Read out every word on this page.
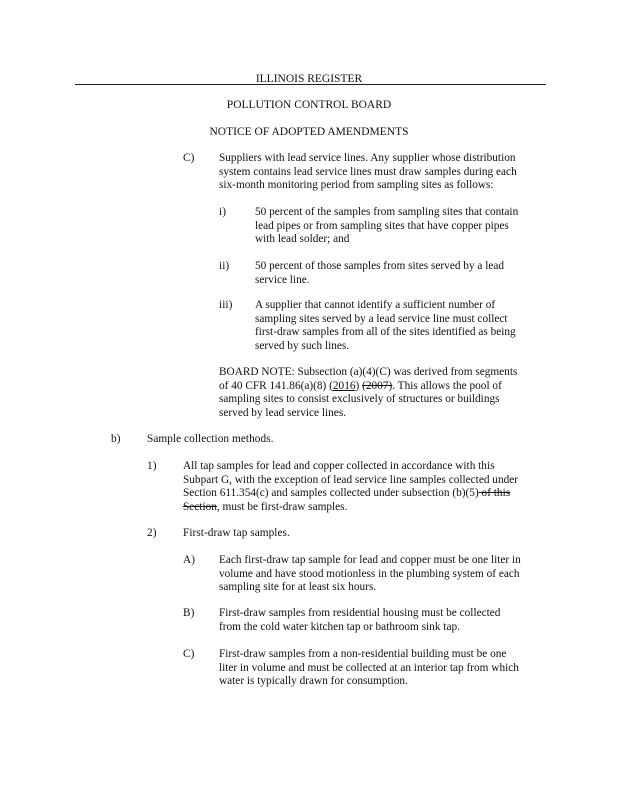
ILLINOIS REGISTER
POLLUTION CONTROL BOARD
NOTICE OF ADOPTED AMENDMENTS
C) Suppliers with lead service lines. Any supplier whose distribution
system contains lead service lines must draw samples during each
six-month monitoring period from sampling sites as follows:
i)	50 percent of the samples from sampling sites that contain
lead pipes or from sampling sites that have copper pipes
with lead solder; and
ii) 50 percent of those samples from sites served by a lead
service line.
iii) A supplier that cannot identify a sufficient number of
sampling sites served by a lead service line must collect
first-draw samples from all of the sites identified as being
served by such lines.
BOARD NOTE: Subsection (a)(4)(C) was derived from segments
of 40 CFR 141.86(a)(8) (2016) (2007). This allows the pool of
sampling sites to consist exclusively of structures or buildings
served by lead service lines.
b) Sample collection methods.
1) All tap samples for lead and copper collected in accordance with this
Subpart G, with the exception of lead service line samples collected under
Section 611.354(c) and samples collected under subsection (b)(5) of this
Section, must be first-draw samples.
2) First-draw tap samples.
A) Each first-draw tap sample for lead and copper must be one liter in
volume and have stood motionless in the plumbing system of each
sampling site for at least six hours.
B) First-draw samples from residential housing must be collected
from the cold water kitchen tap or bathroom sink tap.
C) First-draw samples from a non-residential building must be one
liter in volume and must be collected at an interior tap from which
water is typically drawn for consumption.
